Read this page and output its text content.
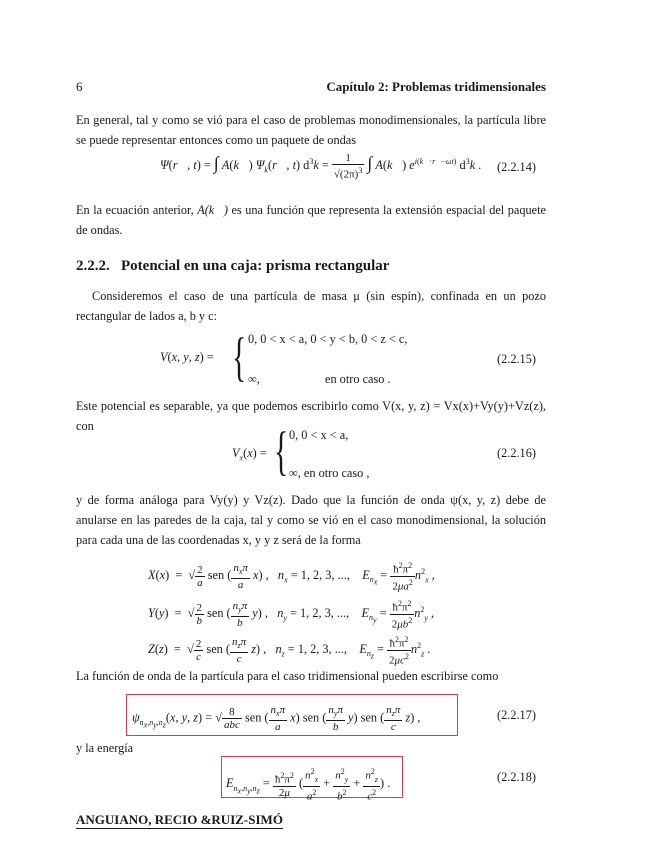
6	Capítulo 2: Problemas tridimensionales
En general, tal y como se vió para el caso de problemas monodimensionales, la partícula libre se puede representar entonces como un paquete de ondas
Ψ(r⃗, t) = ∫ A(k⃗) $\Psi_k(r⃗$, t) $d^3k = \frac{1}{√(2\pi)^3}$ ∫ A(k⃗) $e^{i(k⃗\cdot r⃗-\omega t)}$ $d^3k$ . (2.2.14)
En la ecuación anterior, A(k⃗) es una función que representa la extensión espacial del paquete de ondas.
2.2.2. Potencial en una caja: prisma rectangular
Consideremos el caso de una partícula de masa μ (sin espín), confinada en un pozo rectangular de lados a, b y c:
V(x, y, z) = { 0, 0 < x < a, 0 < y < b, 0 < z < c,
∞,	en otro caso .
(2.2.15)
Este potencial es separable, ya que podemos escribirlo como V(x, y, z) = Vx(x)+Vy(y)+Vz(z), con
$V_x(x)$ = { 0, 0 < x < a,
∞, en otro caso ,
(2.2.16)
y de forma análoga para Vy(y) y Vz(z). Dado que la función de onda ψ(x, y, z) debe de anularse en las paredes de la caja, tal y como se vió en el caso monodimensional, la solución para cada una de las coordenadas x, y y z será de la forma
X(x)  =  √ $\frac{2}{a}$ sen ( $\frac{n_x\pi}{a} x$) ,   $n_x = 1$, 2, 3, ...,    $E_{n_x} = \frac{ħ^2\pi^2}{2\mu a^2} n^2_x$ ,
Y(y)  =  √ $\frac{2}{b}$ sen ( $\frac{n_y\pi}{b} y$) ,   $n_y = 1$, 2, 3, ...,    $E_{n_y} = \frac{ħ^2\pi^2}{2\mu b^2} n^2_y$ ,
Z(z)  =  √ $\frac{2}{c}$ sen ( $\frac{n_z\pi}{c} z$) ,   $n_z = 1$, 2, 3, ...,    $E_{n_z} = \frac{ħ^2\pi^2}{2\mu c^2} n^2_z$ .
La función de onda de la partícula para el caso tridimensional pueden escribirse como
$\psi_{n_x,n_y,n_z}(x$, y, z) = √ $\frac{8}{\text{abc}}$ sen ( $\frac{n_x\pi}{a} x$) sen ( $\frac{n_y\pi}{b} y$) sen ( $\frac{n_z\pi}{c} z$) ,	(2.2.17)
y la energía
$E_{n_x,n_y,n_z} = \frac{ħ^2\pi^2}{2\mu}$ ( $\frac{n^2_x}{a^2} + \frac{n^2_y}{b^2} + \frac{n^2_z}{c^2}$ ) .	(2.2.18)
ANGUIANO, RECIO &RUIZ-SIMÓ
